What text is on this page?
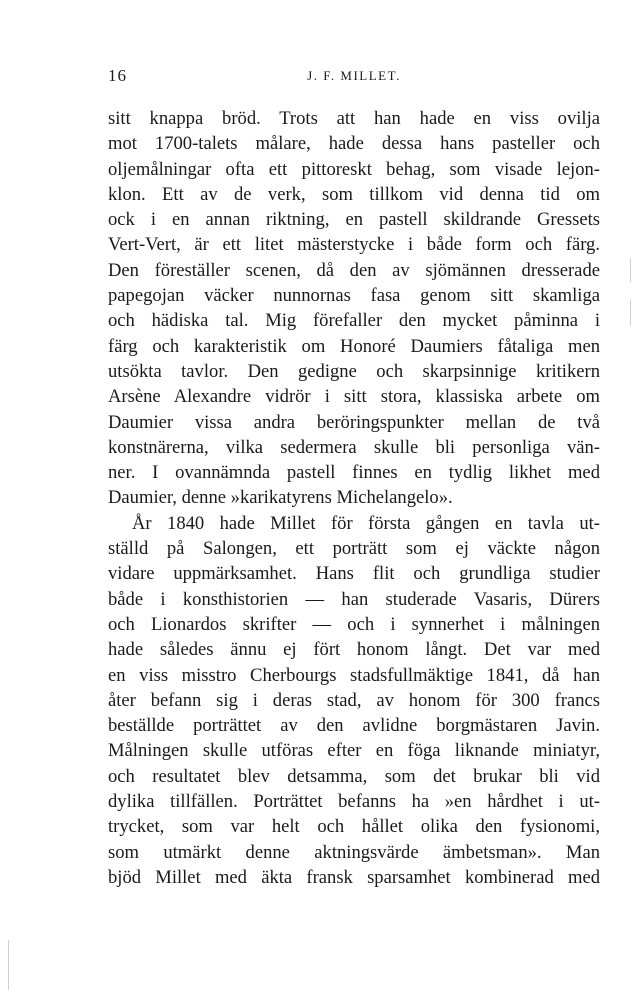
16	J. F. MILLET.
sitt knappa bröd. Trots att han hade en viss ovilja
mot 1700-talets målare, hade dessa hans pasteller och
oljemålningar ofta ett pittoreskt behag, som visade lejon-
klon. Ett av de verk, som tillkom vid denna tid om
ock i en annan riktning, en pastell skildrande Gressets
Vert-Vert, är ett litet mästerstycke i både form och färg.
Den föreställer scenen, då den av sjömännen dresserade
papegojan väcker nunnornas fasa genom sitt skamliga
och hädiska tal. Mig förefaller den mycket påminna i
färg och karakteristik om Honoré Daumiers fåtaliga men
utsökta tavlor. Den gedigne och skarpsinnige kritikern
Arsène Alexandre vidrör i sitt stora, klassiska arbete om
Daumier vissa andra beröringspunkter mellan de två
konstnärerna, vilka sedermera skulle bli personliga vän-
ner. I ovannämnda pastell finnes en tydlig likhet med
Daumier, denne »karikatyrens Michelangelo».
År 1840 hade Millet för första gången en tavla ut-
ställd på Salongen, ett porträtt som ej väckte någon
vidare uppmärksamhet. Hans flit och grundliga studier
både i konsthistorien — han studerade Vasaris, Dürers
och Lionardos skrifter — och i synnerhet i målningen
hade således ännu ej fört honom långt. Det var med
en viss misstro Cherbourgs stadsfullmäktige 1841, då han
åter befann sig i deras stad, av honom för 300 francs
beställde porträttet av den avlidne borgmästaren Javin.
Målningen skulle utföras efter en föga liknande miniatyr,
och resultatet blev detsamma, som det brukar bli vid
dylika tillfällen. Porträttet befanns ha »en hårdhet i ut-
trycket, som var helt och hållet olika den fysionomi,
som utmärkt denne aktningsvärde ämbetsman». Man
bjöd Millet med äkta fransk sparsamhet kombinerad med
